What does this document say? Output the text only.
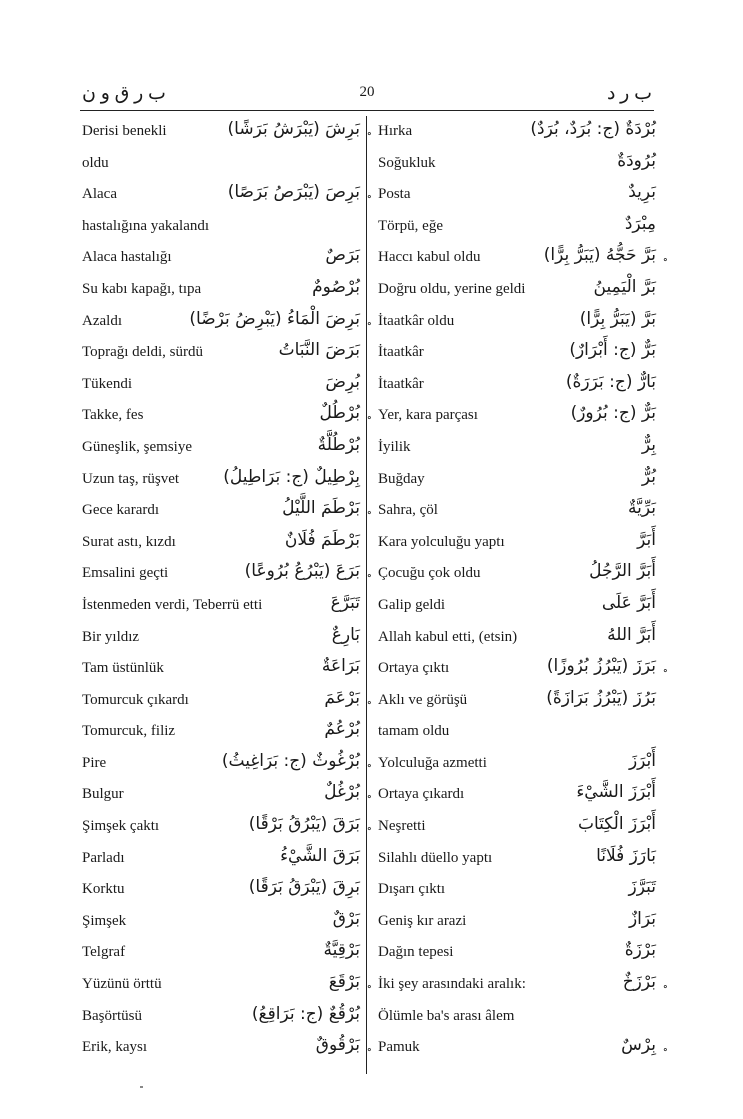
ب ر ق و ن	20	ب ر د
Derisi benekli	بَرِشَ (يَبْرَشُ بَرَشًا) ∘
oldu
Alaca	بَرِصَ (يَبْرَصُ بَرَصًا) ∘
hastalığına yakalandı
Alaca hastalığı	بَرَصٌ
Su kabı kapağı, tıpa	بُرْصُومٌ
Azaldı	بَرِضَ الْمَاءُ (يَبْرِضُ بَرْضًا) ∘
Toprağı deldi, sürdü	بَرَضَ النَّبَاتُ
Tükendi	بُرِضَ
Takke, fes	بُرْطُلٌ ∘
Güneşlik, şemsiye	بُرْطُلَّةٌ
Uzun taş, rüşvet	بِرْطِيلٌ (ج: بَرَاطِيلُ)
Gece karardı	بَرْطَمَ اللَّيْلُ ∘
Surat astı, kızdı	بَرْطَمَ فُلَانٌ
Emsalini geçti	بَرَعَ (يَبْرُعُ بُرُوعًا) ∘
İstenmeden verdi, Teberrü etti	تَبَرَّعَ
Bir yıldız	بَارِعٌ
Tam üstünlük	بَرَاعَةٌ
Tomurcuk çıkardı	بَرْعَمَ ∘
Tomurcuk, filiz	بُرْعُمٌ
Pire	بُرْغُوثٌ (ج: بَرَاغِيثُ) ∘
Bulgur	بُرْغُلٌ ∘
Şimşek çaktı	بَرَقَ (يَبْرُقُ بَرْقًا) ∘
Parladı	بَرَقَ الشَّيْءُ
Korktu	بَرِقَ (يَبْرَقُ بَرَقًا)
Şimşek	بَرْقٌ
Telgraf	بَرْقِيَّةٌ
Yüzünü örttü	بَرْقَعَ ∘
Başörtüsü	بُرْقُعٌ (ج: بَرَاقِعُ)
Erik, kaysı	بَرْقُوقٌ ∘
Hırka	بُرْدَةٌ (ج: بُرَدٌ، بُرَدٌ)
Soğukluk	بُرُودَةٌ
Posta	بَرِيدٌ
Törpü, eğe	مِبْرَدٌ
Haccı kabul oldu	بَرَّ حَجُّهُ (يَبَرُّ بِرًّا) ∘
Doğru oldu, yerine geldi	بَرَّ الْيَمِينُ
İtaatkâr oldu	بَرَّ (يَبَرُّ بِرًّا)
İtaatkâr	بَرٌّ (ج: أَبْرَارٌ)
İtaatkâr	بَارٌّ (ج: بَرَرَةٌ)
Yer, kara parçası	بَرٌّ (ج: بُرُورٌ)
İyilik	بِرٌّ
Buğday	بُرٌّ
Sahra, çöl	بَرِّيَّةٌ
Kara yolculuğu yaptı	أَبَرَّ
Çocuğu çok oldu	أَبَرَّ الرَّجُلُ
Galip geldi	أَبَرَّ عَلَى
Allah kabul etti, (etsin)	أَبَرَّ اللهُ
Ortaya çıktı	بَرَزَ (يَبْرُزُ بُرُوزًا) ∘
Aklı ve görüşü	بَرُزَ (يَبْرُزُ بَرَازَةً)
tamam oldu
Yolculuğa azmetti	أَبْرَزَ
Ortaya çıkardı	أَبْرَزَ الشَّيْءَ
Neşretti	أَبْرَزَ الْكِتَابَ
Silahlı düello yaptı	بَارَزَ فُلَانًا
Dışarı çıktı	تَبَرَّزَ
Geniş kır arazi	بَرَازٌ
Dağın tepesi	بَرْزَةٌ
İki şey arasındaki aralık:	بَرْزَخٌ ∘
Ölümle ba's arası âlem
Pamuk	بِرْسٌ ∘
